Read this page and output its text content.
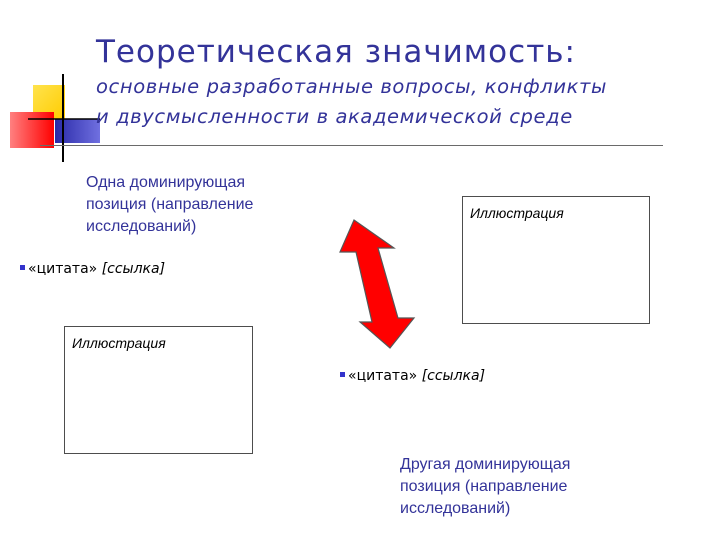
Теоретическая значимость:
основные разработанные вопросы, конфликты
и двусмысленности в академической среде
Одна доминирующая
позиция (направление
исследований)
«цитата» [ссылка]
Иллюстрация
Иллюстрация
«цитата» [ссылка]
Другая доминирующая
позиция (направление
исследований)
